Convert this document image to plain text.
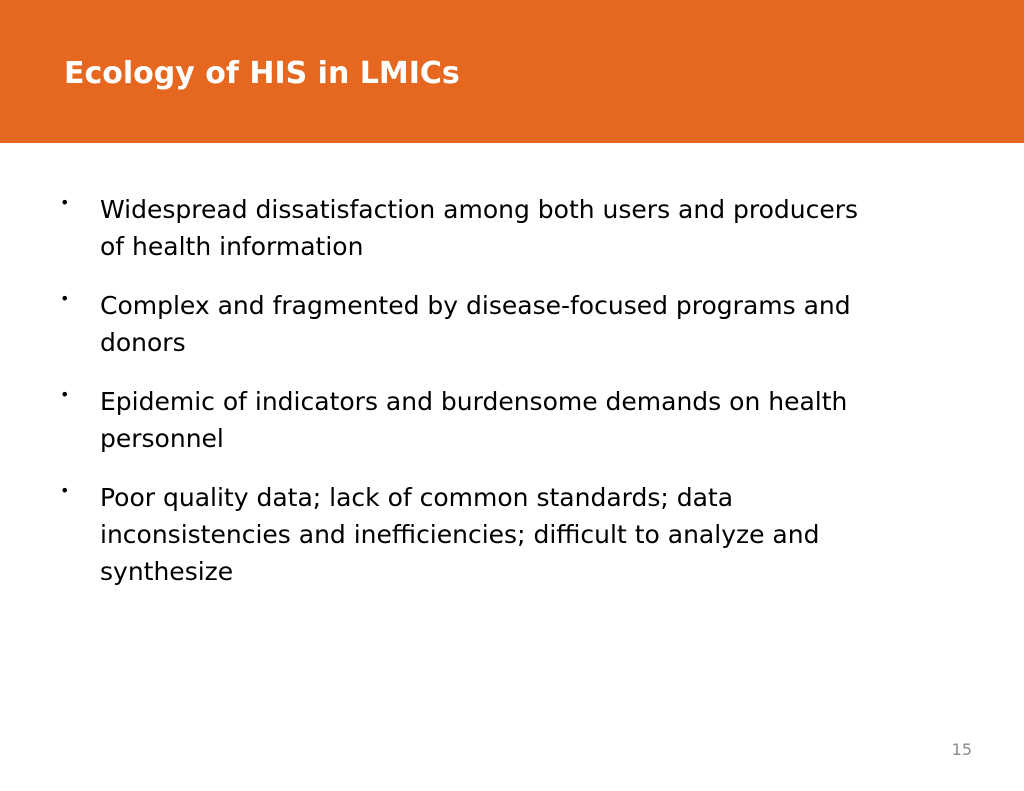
Ecology of HIS in LMICs
•	Widespread dissatisfaction among both users and producers of health information
•	Complex and fragmented by disease-focused programs and donors
•	Epidemic of indicators and burdensome demands on health personnel
•	Poor quality data; lack of common standards; data inconsistencies and inefficiencies; difficult to analyze and synthesize
15
